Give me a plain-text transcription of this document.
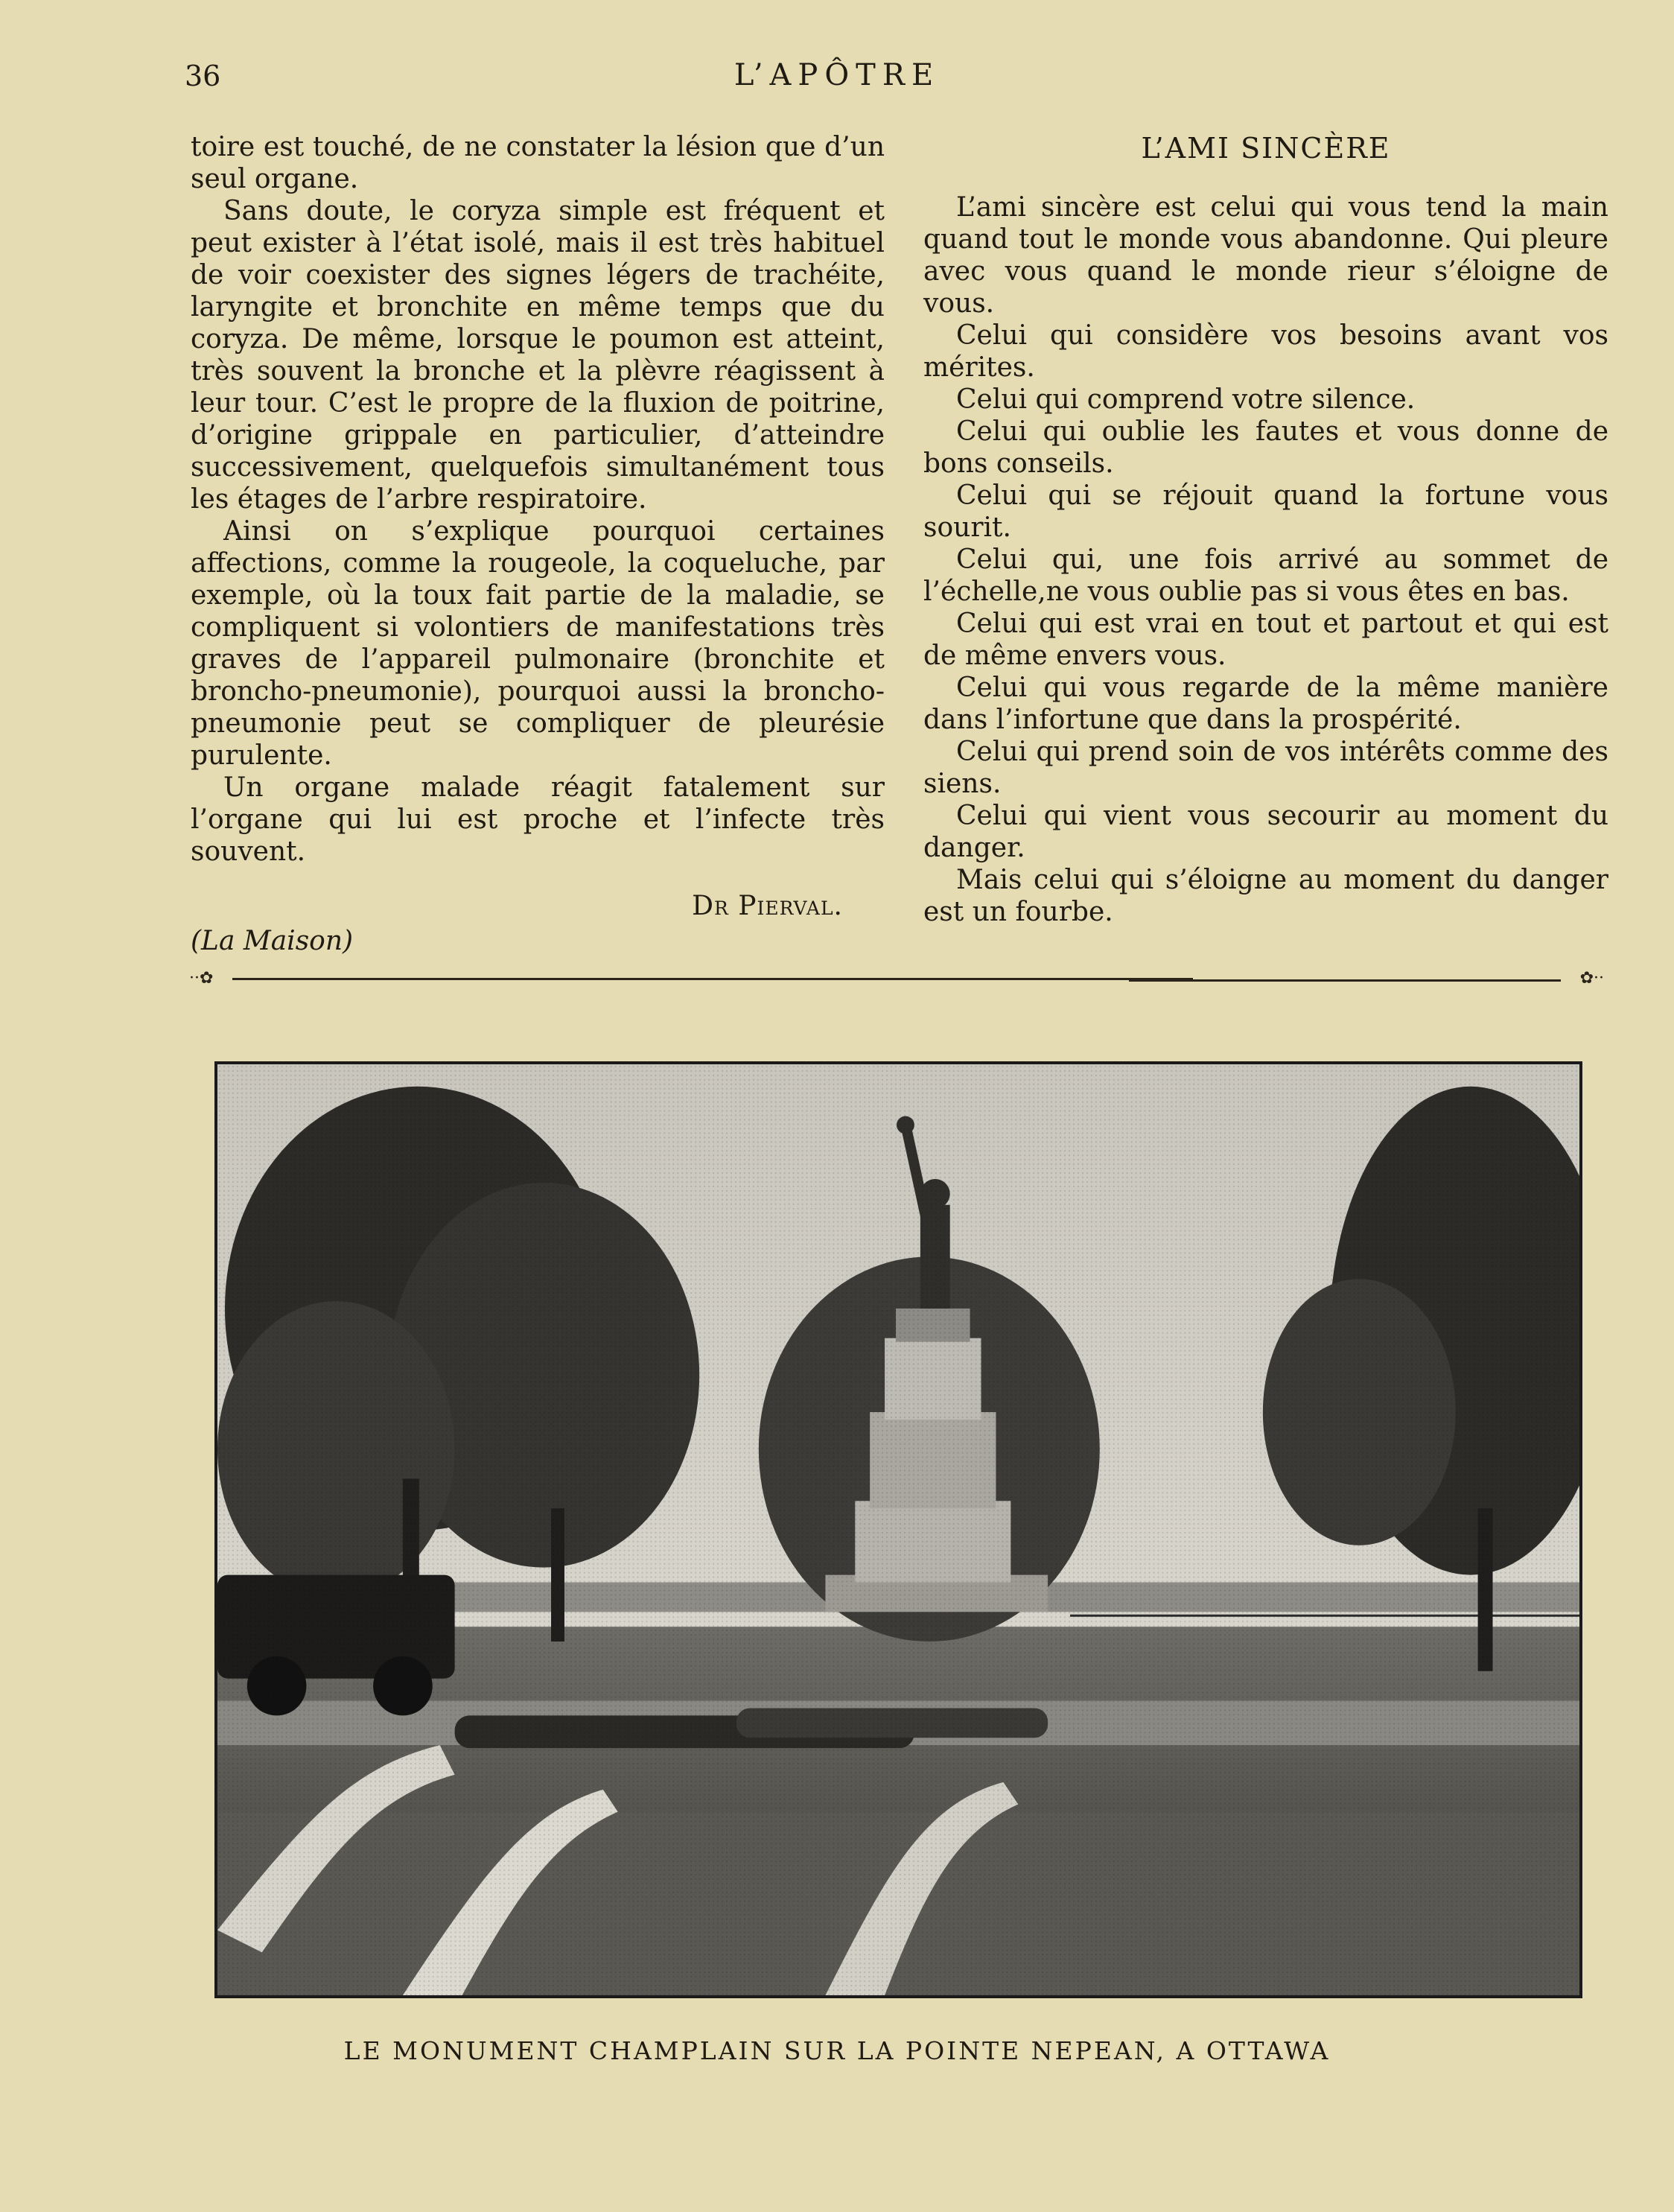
36	L’APÔTRE

toire est touché, de ne constater la lésion que d’un seul organe.

Sans doute, le coryza simple est fréquent et peut exister à l’état isolé, mais il est très habituel de voir coexister des signes légers de trachéite, laryngite et bronchite en même temps que du coryza. De même, lorsque le poumon est atteint, très souvent la bronche et la plèvre réagissent à leur tour. C’est le propre de la fluxion de poitrine, d’origine grippale en particulier, d’atteindre successivement, quelquefois simultanément tous les étages de l’arbre respiratoire.

Ainsi on s’explique pourquoi certaines affections, comme la rougeole, la coqueluche, par exemple, où la toux fait partie de la maladie, se compliquent si volontiers de manifestations très graves de l’appareil pulmonaire (bronchite et broncho-pneumonie), pourquoi aussi la broncho-pneumonie peut se compliquer de pleurésie purulente.

Un organe malade réagit fatalement sur l’organe qui lui est proche et l’infecte très souvent.

Dr Pierval.
(La Maison)
L’AMI SINCÈRE

L’ami sincère est celui qui vous tend la main quand tout le monde vous abandonne. Qui pleure avec vous quand le monde rieur s’éloigne de vous.

Celui qui considère vos besoins avant vos mérites.

Celui qui comprend votre silence.

Celui qui oublie les fautes et vous donne de bons conseils.

Celui qui se réjouit quand la fortune vous sourit.

Celui qui, une fois arrivé au sommet de l’échelle,ne vous oublie pas si vous êtes en bas.

Celui qui est vrai en tout et partout et qui est de même envers vous.

Celui qui vous regarde de la même manière dans l’infortune que dans la prospérité.

Celui qui prend soin de vos intérêts comme des siens.

Celui qui vient vous secourir au moment du danger.

Mais celui qui s’éloigne au moment du danger est un fourbe.

··✿	✿··
LE MONUMENT CHAMPLAIN SUR LA POINTE NEPEAN, A OTTAWA
